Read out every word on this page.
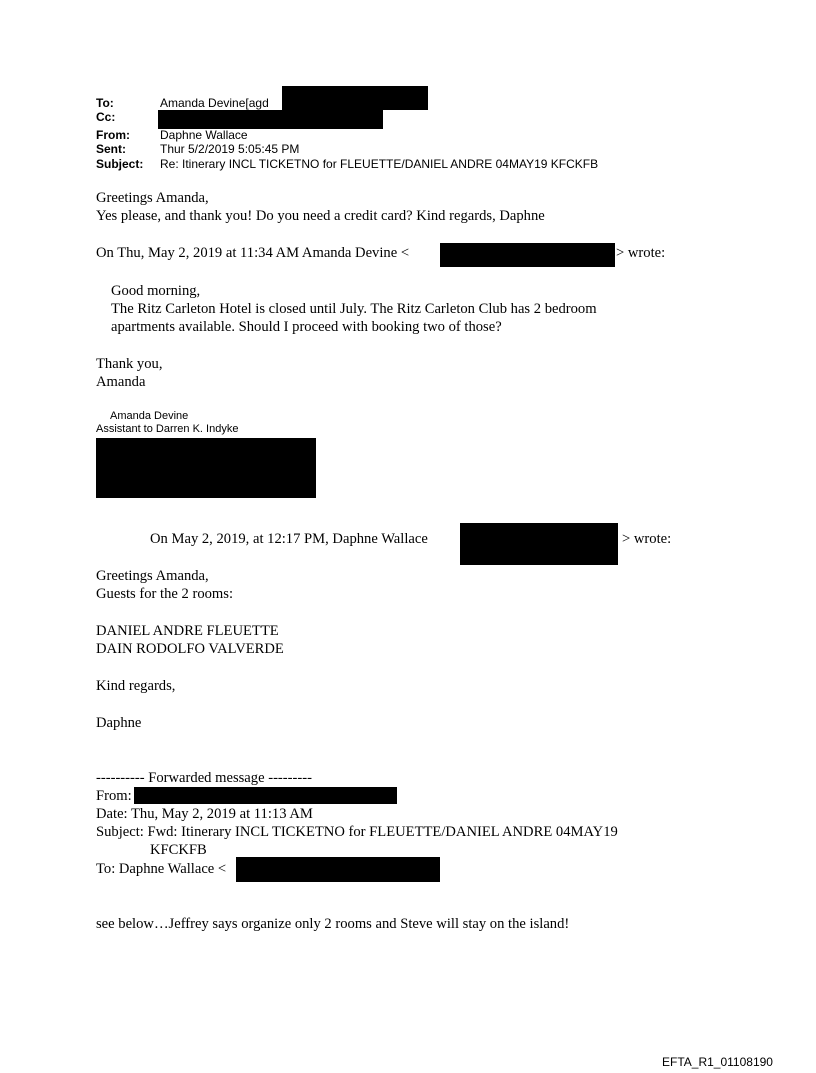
To:	Amanda Devine[agd
Cc:
From:	Daphne Wallace
Sent:	Thur 5/2/2019 5:05:45 PM
Subject: Re: Itinerary INCL TICKETNO for FLEUETTE/DANIEL ANDRE 04MAY19 KFCKFB
Greetings Amanda,
Yes please, and thank you! Do you need a credit card? Kind regards, Daphne
On Thu, May 2, 2019 at 11:34 AM Amanda Devine <	> wrote:
Good morning,
The Ritz Carleton Hotel is closed until July. The Ritz Carleton Club has 2 bedroom
apartments available. Should I proceed with booking two of those?
Thank you,
Amanda
Amanda Devine
Assistant to Darren K. Indyke
On May 2, 2019, at 12:17 PM, Daphne Wallace	> wrote:
Greetings Amanda,
Guests for the 2 rooms:
DANIEL ANDRE FLEUETTE
DAIN RODOLFO VALVERDE
Kind regards,
Daphne
---------- Forwarded message ---------
From:
Date: Thu, May 2, 2019 at 11:13 AM
Subject: Fwd: Itinerary INCL TICKETNO for FLEUETTE/DANIEL ANDRE 04MAY19
KFCKFB
To: Daphne Wallace <
see below…Jeffrey says organize only 2 rooms and Steve will stay on the island!
EFTA_R1_01108190
